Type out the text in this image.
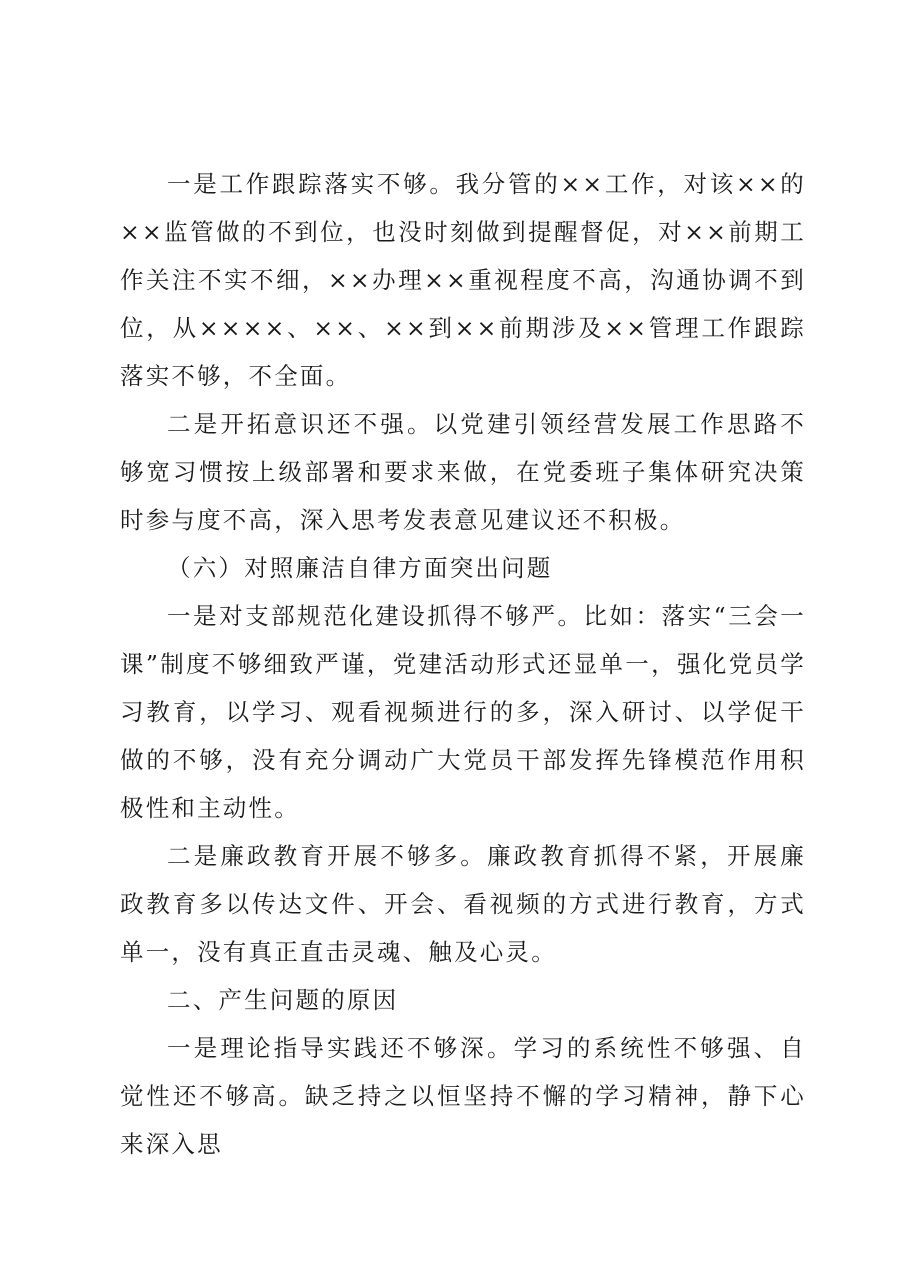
一是工作跟踪落实不够。我分管的××工作，对该××的××监管做的不到位，也没时刻做到提醒督促，对××前期工作关注不实不细，××办理××重视程度不高，沟通协调不到位，从××××、××、××到××前期涉及××管理工作跟踪落实不够，不全面。

二是开拓意识还不强。以党建引领经营发展工作思路不够宽习惯按上级部署和要求来做，在党委班子集体研究决策时参与度不高，深入思考发表意见建议还不积极。

（六）对照廉洁自律方面突出问题

一是对支部规范化建设抓得不够严。比如：落实“三会一课”制度不够细致严谨，党建活动形式还显单一，强化党员学习教育，以学习、观看视频进行的多，深入研讨、以学促干做的不够，没有充分调动广大党员干部发挥先锋模范作用积极性和主动性。

二是廉政教育开展不够多。廉政教育抓得不紧，开展廉政教育多以传达文件、开会、看视频的方式进行教育，方式单一，没有真正直击灵魂、触及心灵。

二、产生问题的原因

一是理论指导实践还不够深。学习的系统性不够强、自觉性还不够高。缺乏持之以恒坚持不懈的学习精神，静下心来深入思
